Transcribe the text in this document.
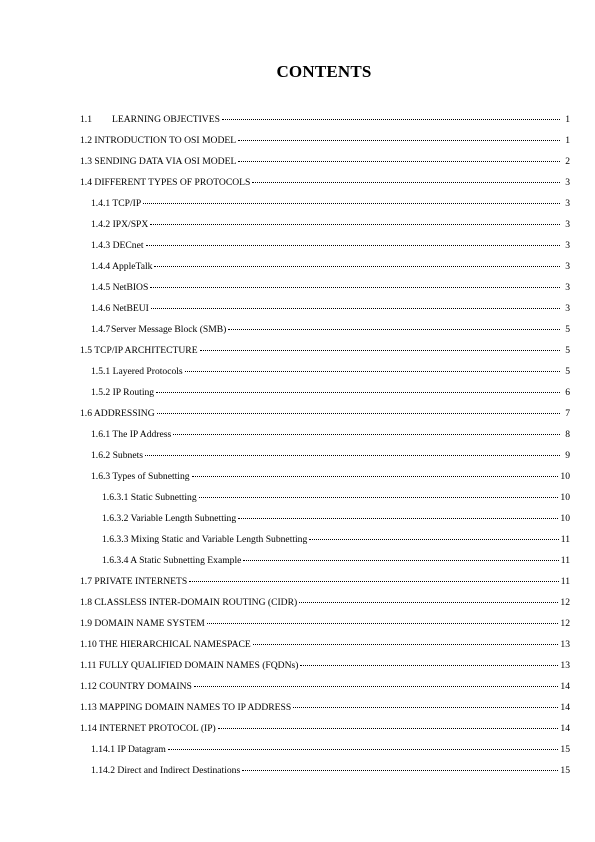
CONTENTS
1.1 LEARNING OBJECTIVES	1
1.2 INTRODUCTION TO OSI MODEL	1
1.3 SENDING DATA VIA OSI MODEL	2
1.4 DIFFERENT TYPES OF PROTOCOLS	3
1.4.1 TCP/IP	3
1.4.2 IPX/SPX	3
1.4.3 DECnet	3
1.4.4 AppleTalk	3
1.4.5 NetBIOS	3
1.4.6 NetBEUI	3
1.4.7Server Message Block (SMB)	5
1.5 TCP/IP ARCHITECTURE	5
1.5.1 Layered Protocols	5
1.5.2 IP Routing	6
1.6 ADDRESSING	7
1.6.1 The IP Address	8
1.6.2 Subnets	9
1.6.3 Types of Subnetting	10
1.6.3.1 Static Subnetting	10
1.6.3.2 Variable Length Subnetting	10
1.6.3.3 Mixing Static and Variable Length Subnetting	11
1.6.3.4 A Static Subnetting Example	11
1.7 PRIVATE INTERNETS	11
1.8 CLASSLESS INTER-DOMAIN ROUTING (CIDR)	12
1.9 DOMAIN NAME SYSTEM	12
1.10 THE HIERARCHICAL NAMESPACE	13
1.11 FULLY QUALIFIED DOMAIN NAMES (FQDNs)	13
1.12 COUNTRY DOMAINS	14
1.13 MAPPING DOMAIN NAMES TO IP ADDRESS	14
1.14 INTERNET PROTOCOL (IP)	14
1.14.1 IP Datagram	15
1.14.2 Direct and Indirect Destinations	15
